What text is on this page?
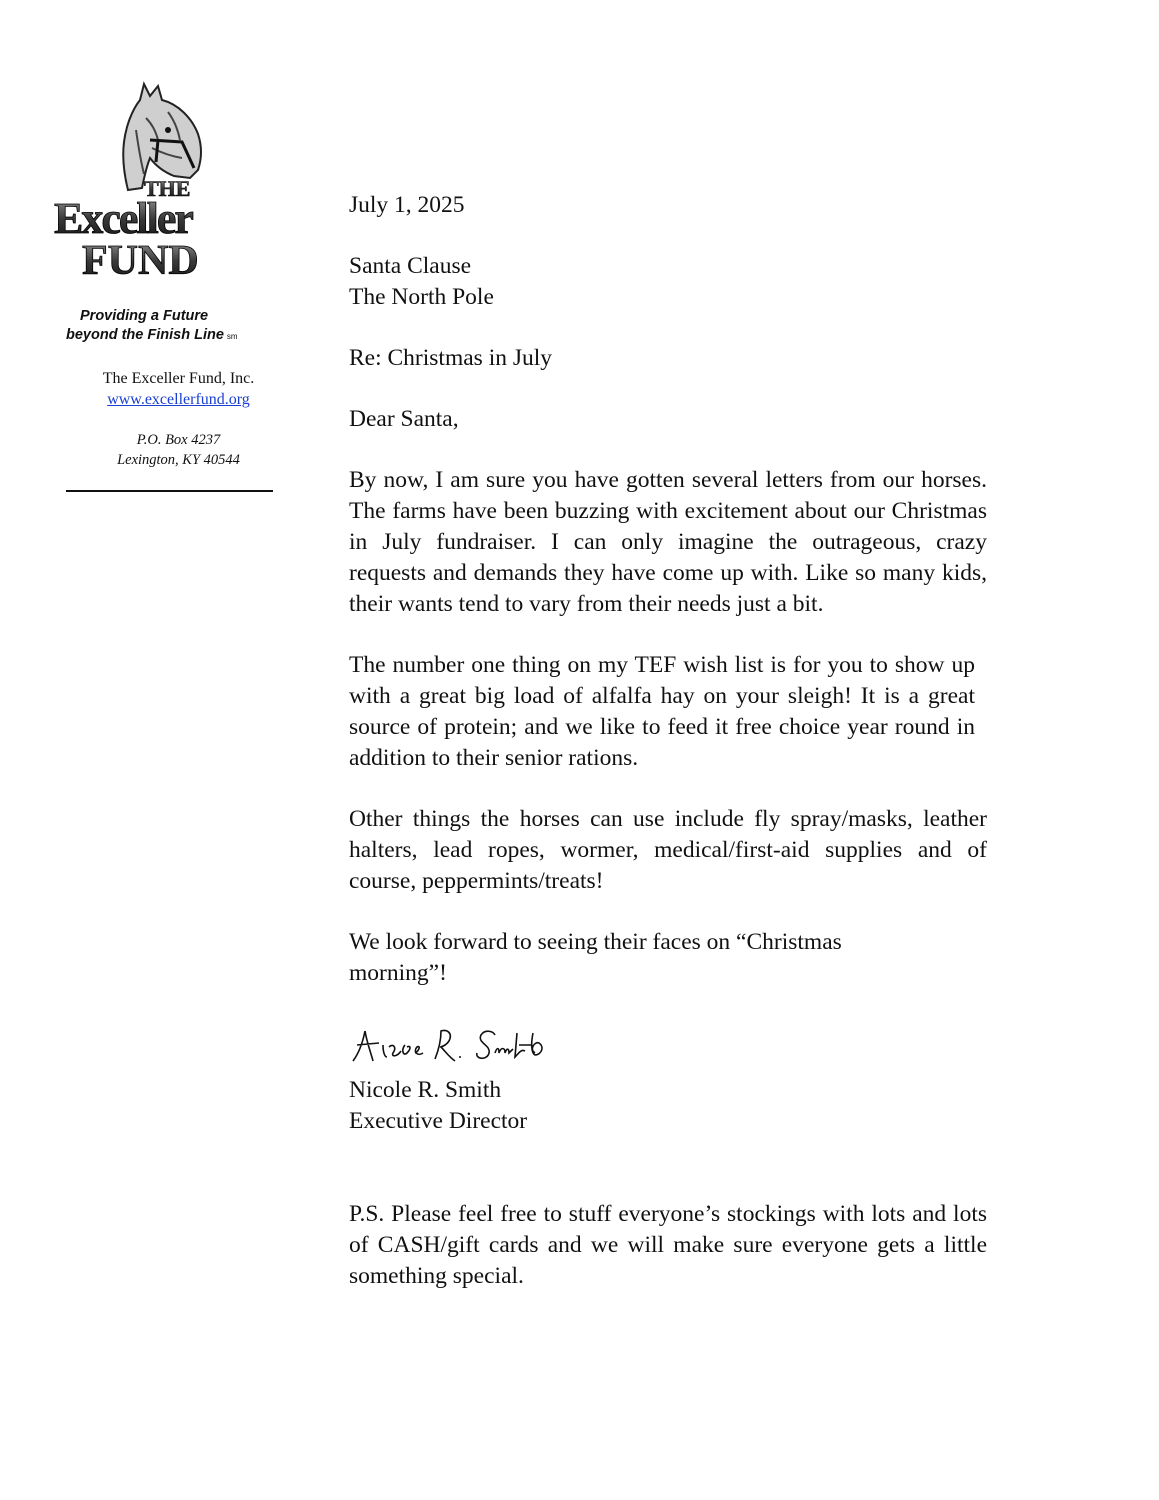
THE
Exceller
FUND
Providing a Future
beyond the Finish Line sm
The Exceller Fund, Inc.
www.excellerfund.org
P.O. Box 4237
Lexington, KY 40544

July 1, 2025

Santa Clause

The North Pole

Re: Christmas in July

Dear Santa,

By now, I am sure you have gotten several letters from our horses. The farms have been buzzing with excitement about our Christmas in July fundraiser. I can only imagine the outrageous, crazy requests and demands they have come up with. Like so many kids, their wants tend to vary from their needs just a bit.

The number one thing on my TEF wish list is for you to show up with a great big load of alfalfa hay on your sleigh! It is a great source of protein; and we like to feed it free choice year round in addition to their senior rations.

Other things the horses can use include fly spray/masks, leather halters, lead ropes, wormer, medical/first-aid supplies and of course, peppermints/treats!

We look forward to seeing their faces on “Christmas morning”!

Nicole R. Smith

Executive Director

P.S. Please feel free to stuff everyone’s stockings with lots and lots of CASH/gift cards and we will make sure everyone gets a little something special.
